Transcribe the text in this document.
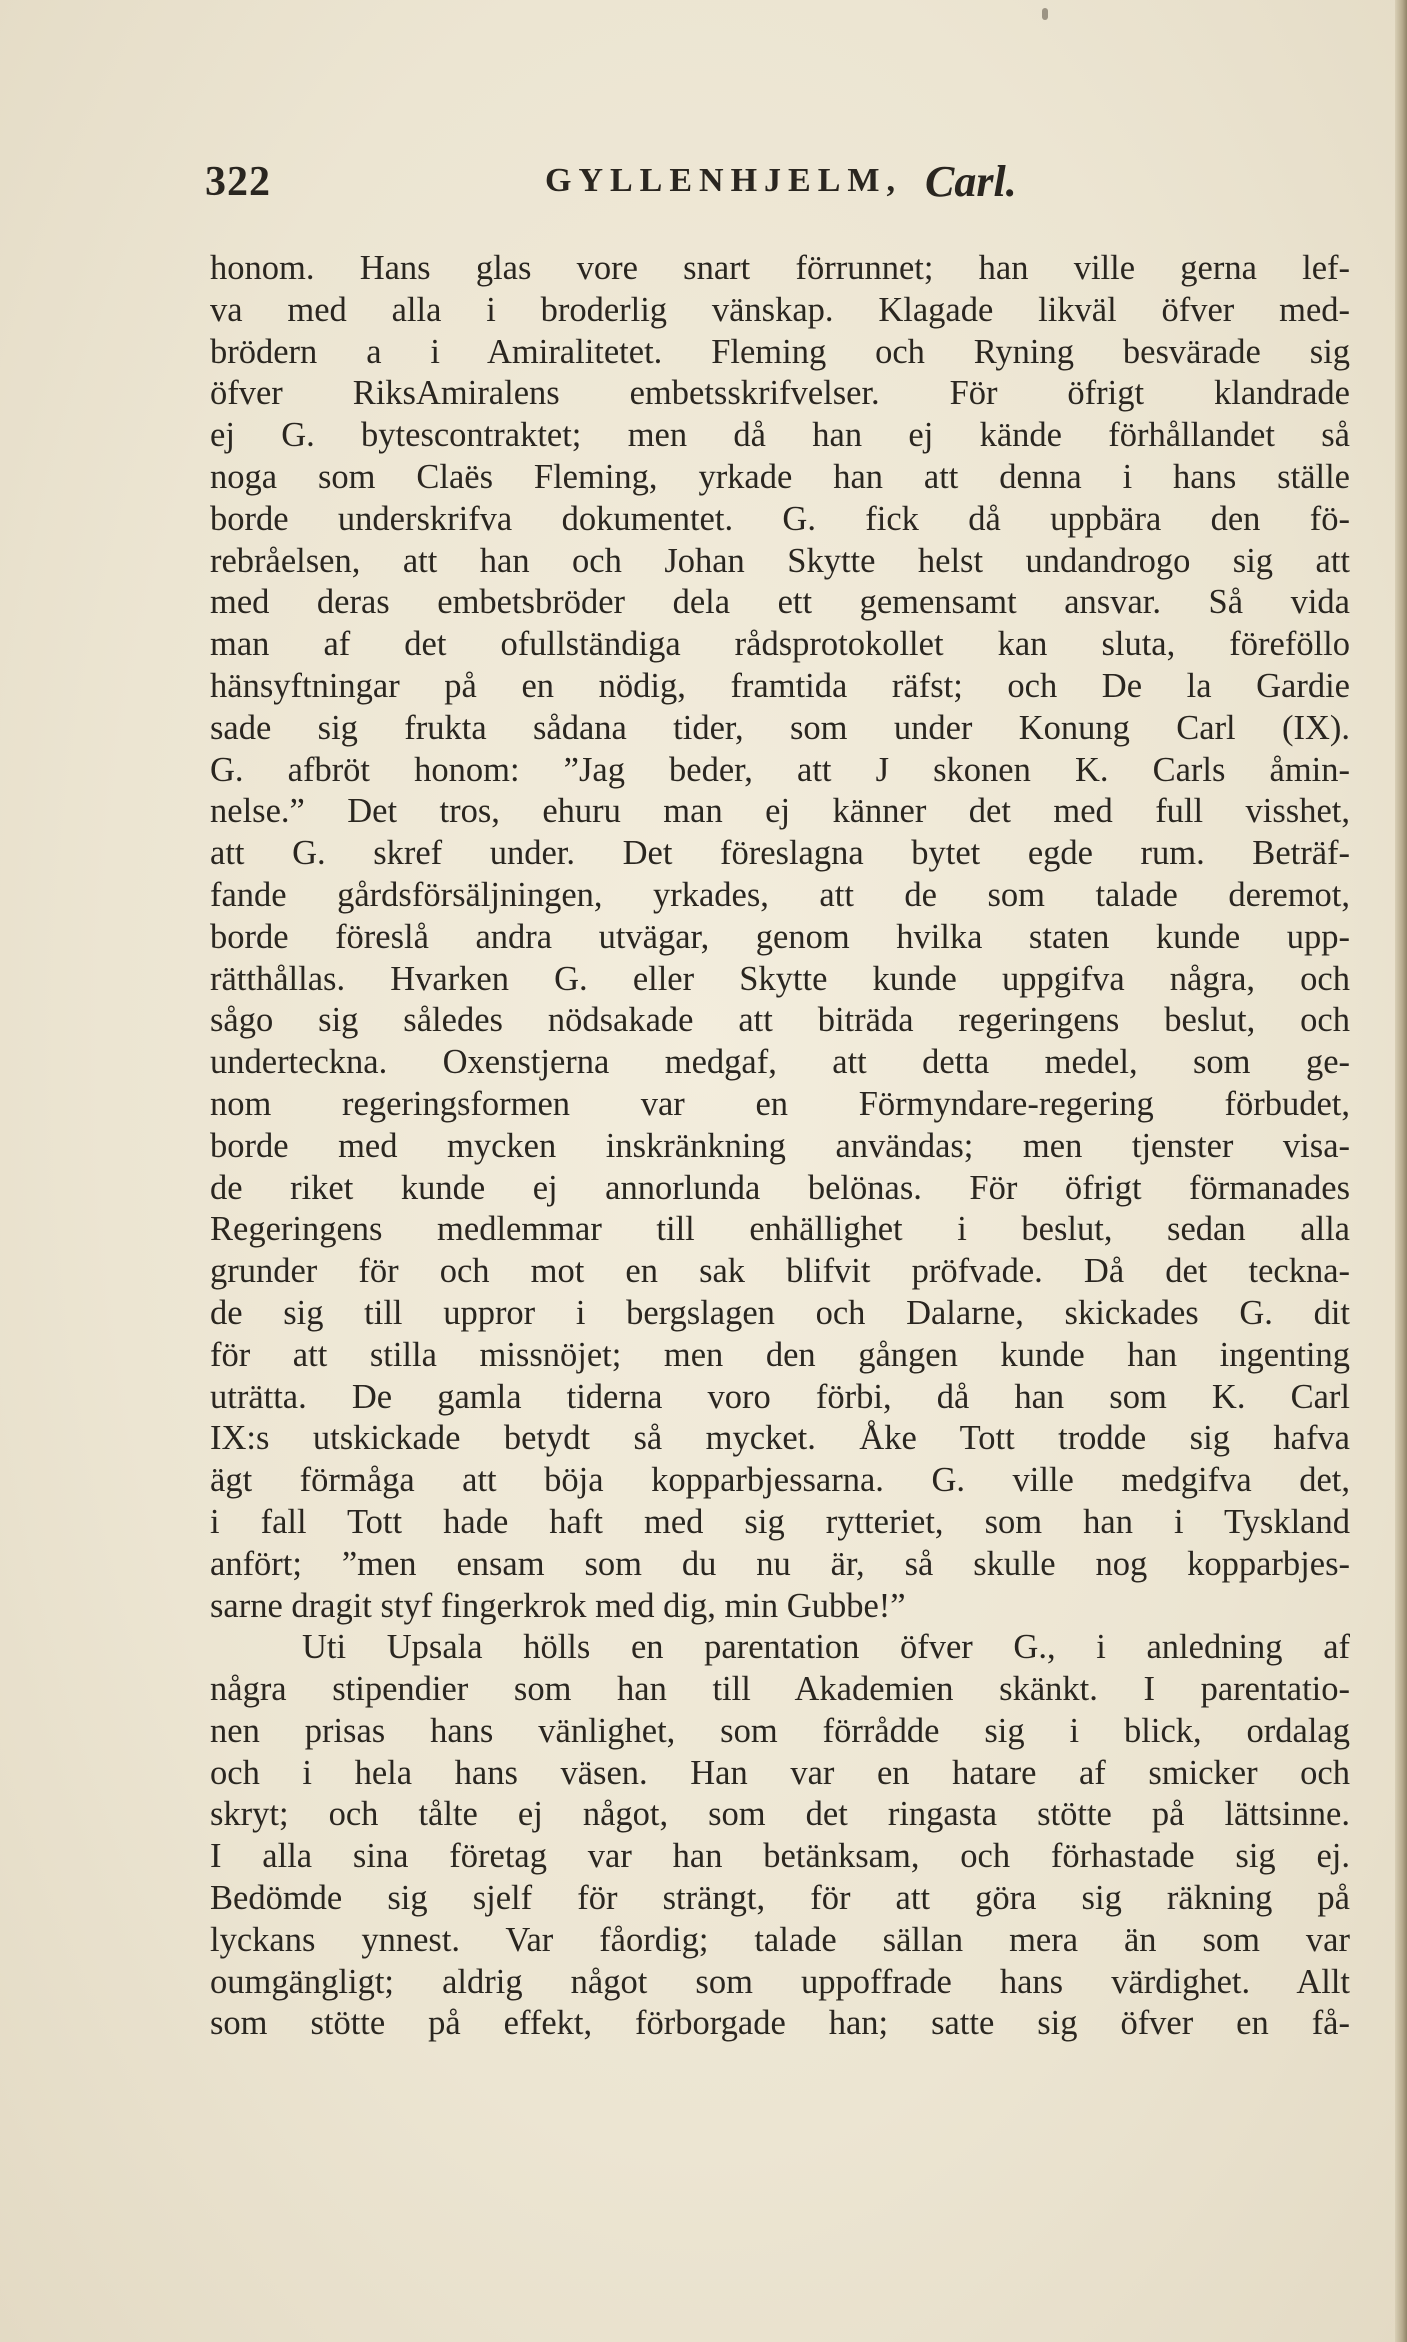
322	GYLLENHJELM, Carl.
honom. Hans glas vore snart förrunnet; han ville gerna lef-
va med alla i broderlig vänskap. Klagade likväl öfver med-
brödern a i Amiralitetet. Fleming och Ryning besvärade sig
öfver RiksAmiralens embetsskrifvelser. För öfrigt klandrade
ej G. bytescontraktet; men då han ej kände förhållandet så
noga som Claës Fleming, yrkade han att denna i hans ställe
borde underskrifva dokumentet. G. fick då uppbära den fö-
rebråelsen, att han och Johan Skytte helst undandrogo sig att
med deras embetsbröder dela ett gemensamt ansvar. Så vida
man af det ofullständiga rådsprotokollet kan sluta, föreföllo
hänsyftningar på en nödig, framtida räfst; och De la Gardie
sade sig frukta sådana tider, som under Konung Carl (IX).
G. afbröt honom: ”Jag beder, att J skonen K. Carls åmin-
nelse.” Det tros, ehuru man ej känner det med full visshet,
att G. skref under. Det föreslagna bytet egde rum. Beträf-
fande gårdsförsäljningen, yrkades, att de som talade deremot,
borde föreslå andra utvägar, genom hvilka staten kunde upp-
rätthållas. Hvarken G. eller Skytte kunde uppgifva några, och
sågo sig således nödsakade att biträda regeringens beslut, och
underteckna. Oxenstjerna medgaf, att detta medel, som ge-
nom regeringsformen var en Förmyndare-regering förbudet,
borde med mycken inskränkning användas; men tjenster visa-
de riket kunde ej annorlunda belönas. För öfrigt förmanades
Regeringens medlemmar till enhällighet i beslut, sedan alla
grunder för och mot en sak blifvit pröfvade. Då det teckna-
de sig till uppror i bergslagen och Dalarne, skickades G. dit
för att stilla missnöjet; men den gången kunde han ingenting
uträtta. De gamla tiderna voro förbi, då han som K. Carl
IX:s utskickade betydt så mycket. Åke Tott trodde sig hafva
ägt förmåga att böja kopparbjessarna. G. ville medgifva det,
i fall Tott hade haft med sig rytteriet, som han i Tyskland
anfört; ”men ensam som du nu är, så skulle nog kopparbjes-
sarne dragit styf fingerkrok med dig, min Gubbe!”
Uti Upsala hölls en parentation öfver G., i anledning af
några stipendier som han till Akademien skänkt. I parentatio-
nen prisas hans vänlighet, som förrådde sig i blick, ordalag
och i hela hans väsen. Han var en hatare af smicker och
skryt; och tålte ej något, som det ringasta stötte på lättsinne.
I alla sina företag var han betänksam, och förhastade sig ej.
Bedömde sig sjelf för strängt, för att göra sig räkning på
lyckans ynnest. Var fåordig; talade sällan mera än som var
oumgängligt; aldrig något som uppoffrade hans värdighet. Allt
som stötte på effekt, förborgade han; satte sig öfver en få-
